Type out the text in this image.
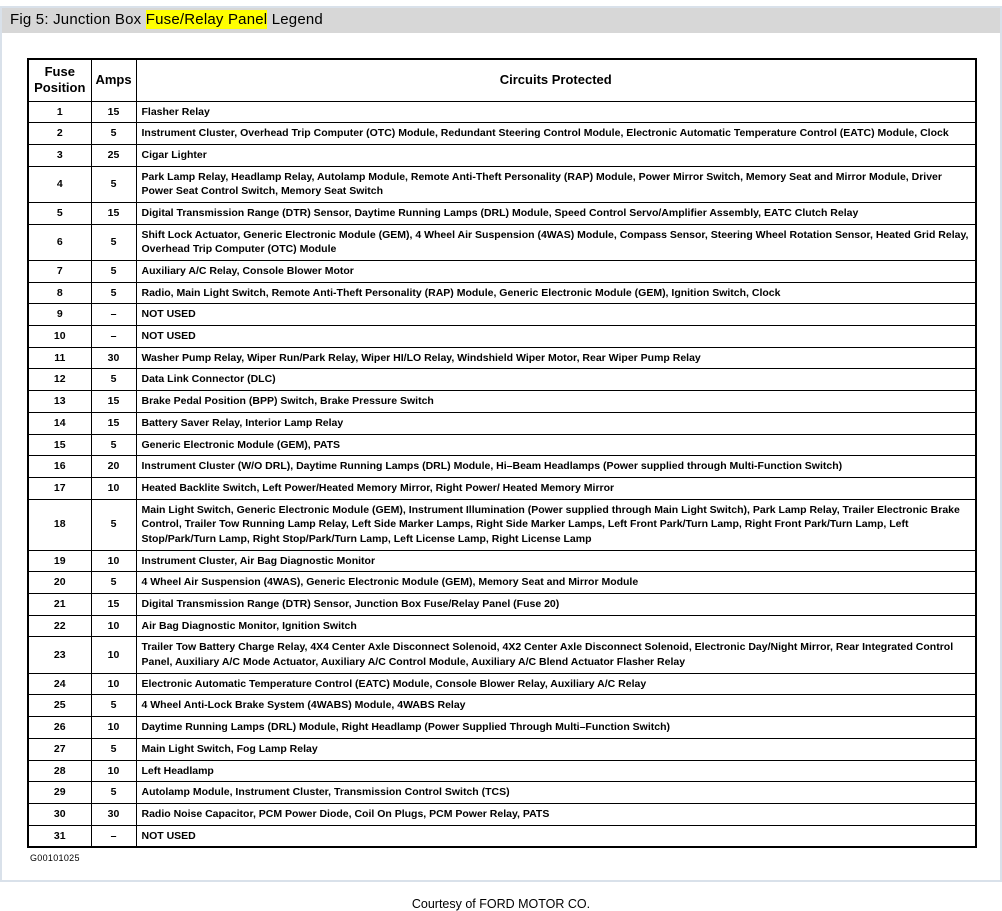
Fig 5: Junction Box Fuse/Relay Panel Legend
Fuse Position	Amps	Circuits Protected
1	15	Flasher Relay
2	5	Instrument Cluster, Overhead Trip Computer (OTC) Module, Redundant Steering Control Module, Electronic Automatic Temperature Control (EATC) Module, Clock
3	25	Cigar Lighter
4	5	Park Lamp Relay, Headlamp Relay, Autolamp Module, Remote Anti-Theft Personality (RAP) Module, Power Mirror Switch, Memory Seat and Mirror Module, Driver Power Seat Control Switch, Memory Seat Switch
5	15	Digital Transmission Range (DTR) Sensor, Daytime Running Lamps (DRL) Module, Speed Control Servo/Amplifier Assembly, EATC Clutch Relay
6	5	Shift Lock Actuator, Generic Electronic Module (GEM), 4 Wheel Air Suspension (4WAS) Module, Compass Sensor, Steering Wheel Rotation Sensor, Heated Grid Relay, Overhead Trip Computer (OTC) Module
7	5	Auxiliary A/C Relay, Console Blower Motor
8	5	Radio, Main Light Switch, Remote Anti-Theft Personality (RAP) Module, Generic Electronic Module (GEM), Ignition Switch, Clock
9	–	NOT USED
10	–	NOT USED
11	30	Washer Pump Relay, Wiper Run/Park Relay, Wiper HI/LO Relay, Windshield Wiper Motor, Rear Wiper Pump Relay
12	5	Data Link Connector (DLC)
13	15	Brake Pedal Position (BPP) Switch, Brake Pressure Switch
14	15	Battery Saver Relay, Interior Lamp Relay
15	5	Generic Electronic Module (GEM), PATS
16	20	Instrument Cluster (W/O DRL), Daytime Running Lamps (DRL) Module, Hi–Beam Headlamps (Power supplied through Multi-Function Switch)
17	10	Heated Backlite Switch, Left Power/Heated Memory Mirror, Right Power/ Heated Memory Mirror
18	5	Main Light Switch, Generic Electronic Module (GEM), Instrument Illumination (Power supplied through Main Light Switch), Park Lamp Relay, Trailer Electronic Brake Control, Trailer Tow Running Lamp Relay, Left Side Marker Lamps, Right Side Marker Lamps, Left Front Park/Turn Lamp, Right Front Park/Turn Lamp, Left Stop/Park/Turn Lamp, Right Stop/Park/Turn Lamp, Left License Lamp, Right License Lamp
19	10	Instrument Cluster, Air Bag Diagnostic Monitor
20	5	4 Wheel Air Suspension (4WAS), Generic Electronic Module (GEM), Memory Seat and Mirror Module
21	15	Digital Transmission Range (DTR) Sensor, Junction Box Fuse/Relay Panel (Fuse 20)
22	10	Air Bag Diagnostic Monitor, Ignition Switch
23	10	Trailer Tow Battery Charge Relay, 4X4 Center Axle Disconnect Solenoid, 4X2 Center Axle Disconnect Solenoid, Electronic Day/Night Mirror, Rear Integrated Control Panel, Auxiliary A/C Mode Actuator, Auxiliary A/C Control Module, Auxiliary A/C Blend Actuator Flasher Relay
24	10	Electronic Automatic Temperature Control (EATC) Module, Console Blower Relay, Auxiliary A/C Relay
25	5	4 Wheel Anti-Lock Brake System (4WABS) Module, 4WABS Relay
26	10	Daytime Running Lamps (DRL) Module, Right Headlamp (Power Supplied Through Multi–Function Switch)
27	5	Main Light Switch, Fog Lamp Relay
28	10	Left Headlamp
29	5	Autolamp Module, Instrument Cluster, Transmission Control Switch (TCS)
30	30	Radio Noise Capacitor, PCM Power Diode, Coil On Plugs, PCM Power Relay, PATS
31	–	NOT USED
G00101025
Courtesy of FORD MOTOR CO.
